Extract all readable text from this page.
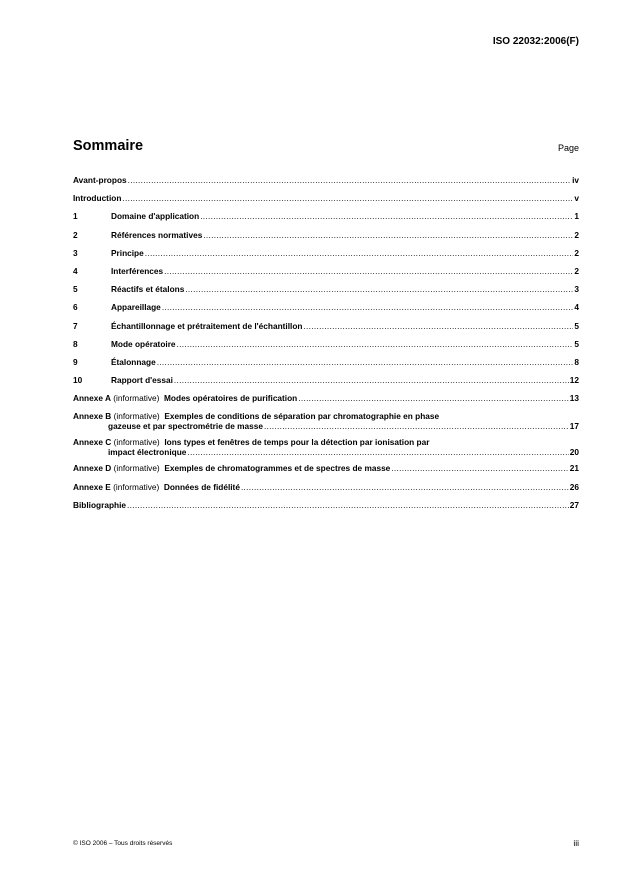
ISO 22032:2006(F)
Sommaire	Page
Avant-propos .....	iv
Introduction .....	v
1	Domaine d'application .....	1
2	Références normatives .....	2
3	Principe .....	2
4	Interférences .....	2
5	Réactifs et étalons .....	3
6	Appareillage .....	4
7	Échantillonnage et prétraitement de l'échantillon .....	5
8	Mode opératoire .....	5
9	Étalonnage .....	8
10	Rapport d'essai .....	12
Annexe A
(informative)
Modes opératoires de purification .....	13
Annexe B (informative) Exemples de conditions de séparation par chromatographie en phase
gazeuse et par spectrométrie de masse .....	17
Annexe C (informative) Ions types et fenêtres de temps pour la détection par ionisation par
impact électronique .....	20
Annexe D
(informative)
Exemples de chromatogrammes et de spectres de masse .....	21
Annexe E
(informative)
Données de fidélité .....	26
Bibliographie .....	27
© ISO 2006 – Tous droits réservés	iii
